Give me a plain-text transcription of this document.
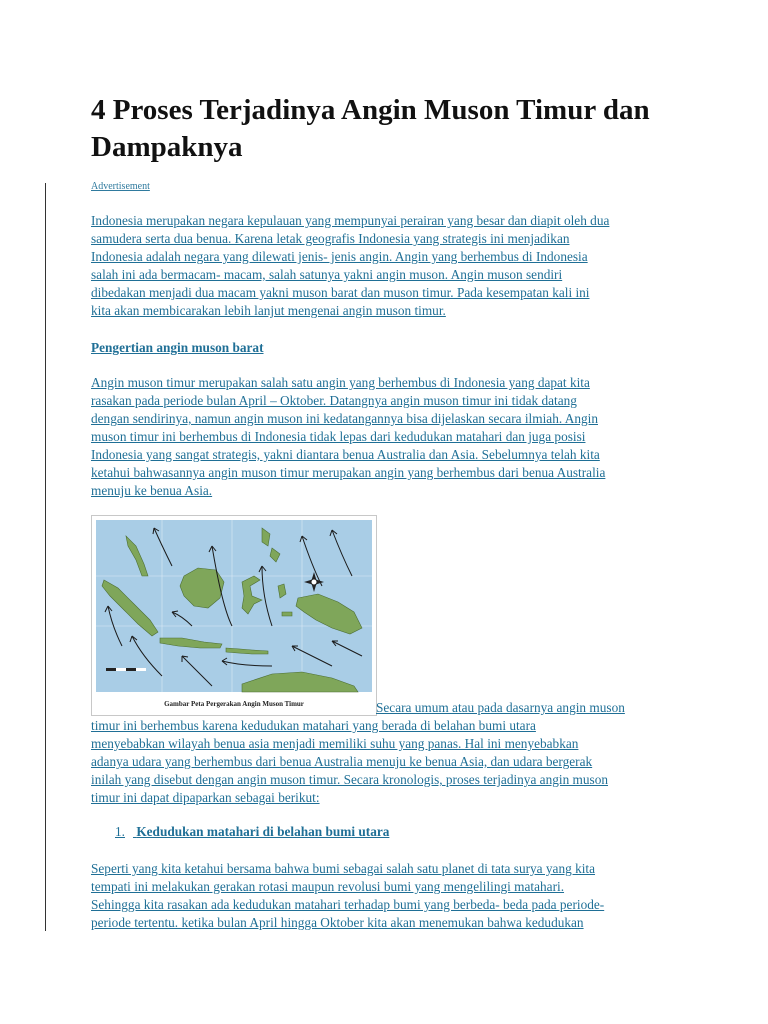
4 Proses Terjadinya Angin Muson Timur dan
Dampaknya
Advertisement
Indonesia merupakan negara kepulauan yang mempunyai perairan yang besar dan diapit oleh dua
samudera serta dua benua. Karena letak geografis Indonesia yang strategis ini menjadikan
Indonesia adalah negara yang dilewati jenis- jenis angin. Angin yang berhembus di Indonesia
salah ini ada bermacam- macam, salah satunya yakni angin muson. Angin muson sendiri
dibedakan menjadi dua macam yakni muson barat dan muson timur. Pada kesempatan kali ini
kita akan membicarakan lebih lanjut mengenai angin muson timur.
Pengertian angin muson barat
Angin muson timur merupakan salah satu angin yang berhembus di Indonesia yang dapat kita
rasakan pada periode bulan April – Oktober. Datangnya angin muson timur ini tidak datang
dengan sendirinya, namun angin muson ini kedatangannya bisa dijelaskan secara ilmiah. Angin
muson timur ini berhembus di Indonesia tidak lepas dari kedudukan matahari dan juga posisi
Indonesia yang sangat strategis, yakni diantara benua Australia dan Asia. Sebelumnya telah kita
ketahui bahwasannya angin muson timur merupakan angin yang berhembus dari benua Australia
menuju ke benua Asia.
Gambar Peta Pergerakan Angin Muson Timur	Secara umum atau pada dasarnya angin muson
timur ini berhembus karena kedudukan matahari yang berada di belahan bumi utara
menyebabkan wilayah benua asia menjadi memiliki suhu yang panas. Hal ini menyebabkan
adanya udara yang berhembus dari benua Australia menuju ke benua Asia, dan udara bergerak
inilah yang disebut dengan angin muson timur. Secara kronologis, proses terjadinya angin muson
timur ini dapat dipaparkan sebagai berikut:
1. Kedudukan matahari di belahan bumi utara
Seperti yang kita ketahui bersama bahwa bumi sebagai salah satu planet di tata surya yang kita
tempati ini melakukan gerakan rotasi maupun revolusi bumi yang mengelilingi matahari.
Sehingga kita rasakan ada kedudukan matahari terhadap bumi yang berbeda- beda pada periode-
periode tertentu. ketika bulan April hingga Oktober kita akan menemukan bahwa kedudukan
